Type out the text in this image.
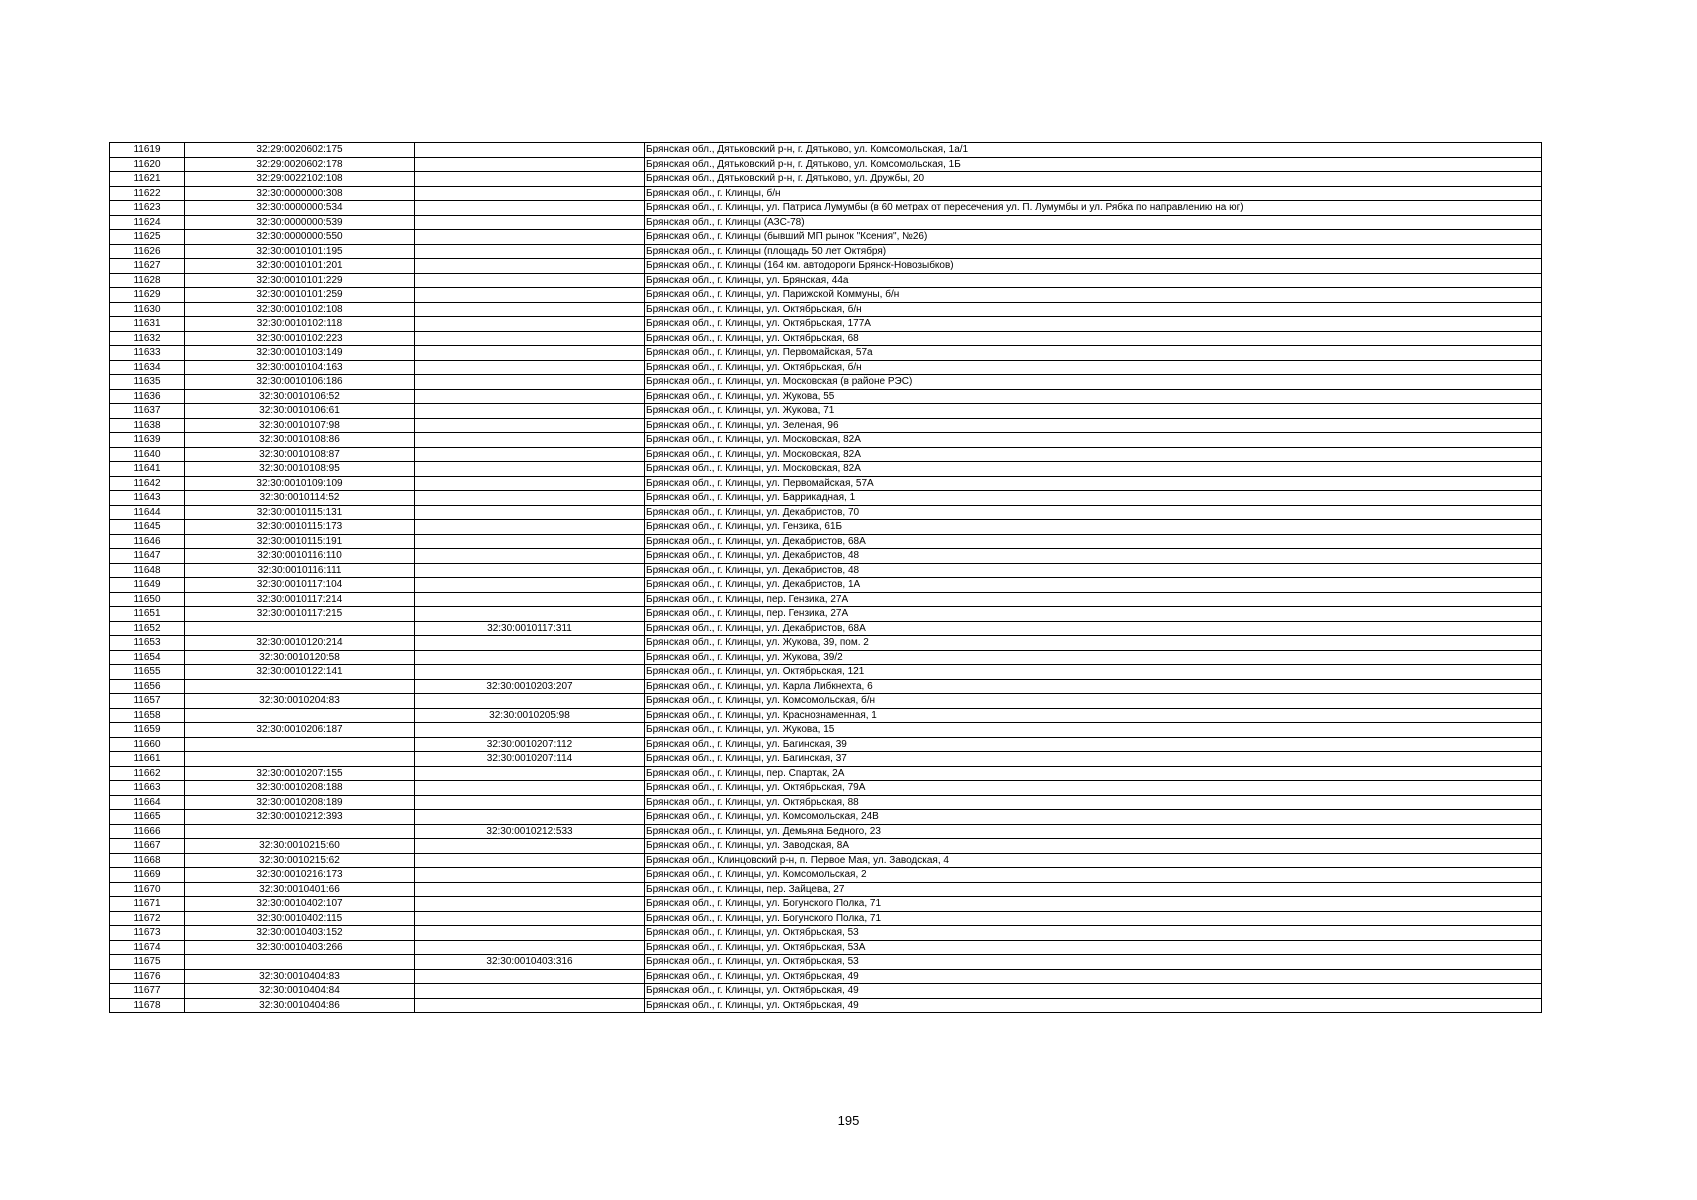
11619	32:29:0020602:175		Брянская обл., Дятьковский р-н, г. Дятьково, ул. Комсомольская, 1а/1
11620	32:29:0020602:178		Брянская обл., Дятьковский р-н, г. Дятьково, ул. Комсомольская, 1Б
11621	32:29:0022102:108		Брянская обл., Дятьковский р-н, г. Дятьково, ул. Дружбы, 20
11622	32:30:0000000:308		Брянская обл., г. Клинцы, б/н
11623	32:30:0000000:534		Брянская обл., г. Клинцы, ул. Патриса Лумумбы (в 60 метрах от пересечения ул. П. Лумумбы и ул. Рябка по направлению на юг)
11624	32:30:0000000:539		Брянская обл., г. Клинцы (АЗС-78)
11625	32:30:0000000:550		Брянская обл., г. Клинцы (бывший МП рынок "Ксения", №26)
11626	32:30:0010101:195		Брянская обл., г. Клинцы (площадь 50 лет Октября)
11627	32:30:0010101:201		Брянская обл., г. Клинцы (164 км. автодороги Брянск-Новозыбков)
11628	32:30:0010101:229		Брянская обл., г. Клинцы, ул. Брянская, 44а
11629	32:30:0010101:259		Брянская обл., г. Клинцы, ул. Парижской Коммуны, б/н
11630	32:30:0010102:108		Брянская обл., г. Клинцы, ул. Октябрьская, б/н
11631	32:30:0010102:118		Брянская обл., г. Клинцы, ул. Октябрьская, 177А
11632	32:30:0010102:223		Брянская обл., г. Клинцы, ул. Октябрьская, 68
11633	32:30:0010103:149		Брянская обл., г. Клинцы, ул. Первомайская, 57а
11634	32:30:0010104:163		Брянская обл., г. Клинцы, ул. Октябрьская, б/н
11635	32:30:0010106:186		Брянская обл., г. Клинцы, ул. Московская (в районе РЭС)
11636	32:30:0010106:52		Брянская обл., г. Клинцы, ул. Жукова, 55
11637	32:30:0010106:61		Брянская обл., г. Клинцы, ул. Жукова, 71
11638	32:30:0010107:98		Брянская обл., г. Клинцы, ул. Зеленая, 96
11639	32:30:0010108:86		Брянская обл., г. Клинцы, ул. Московская, 82А
11640	32:30:0010108:87		Брянская обл., г. Клинцы, ул. Московская, 82А
11641	32:30:0010108:95		Брянская обл., г. Клинцы, ул. Московская, 82А
11642	32:30:0010109:109		Брянская обл., г. Клинцы, ул. Первомайская, 57А
11643	32:30:0010114:52		Брянская обл., г. Клинцы, ул. Баррикадная, 1
11644	32:30:0010115:131		Брянская обл., г. Клинцы, ул. Декабристов, 70
11645	32:30:0010115:173		Брянская обл., г. Клинцы, ул. Гензика, 61Б
11646	32:30:0010115:191		Брянская обл., г. Клинцы, ул. Декабристов, 68А
11647	32:30:0010116:110		Брянская обл., г. Клинцы, ул. Декабристов, 48
11648	32:30:0010116:111		Брянская обл., г. Клинцы, ул. Декабристов, 48
11649	32:30:0010117:104		Брянская обл., г. Клинцы, ул. Декабристов, 1А
11650	32:30:0010117:214		Брянская обл., г. Клинцы, пер. Гензика, 27А
11651	32:30:0010117:215		Брянская обл., г. Клинцы, пер. Гензика, 27А
11652		32:30:0010117:311	Брянская обл., г. Клинцы, ул. Декабристов, 68А
11653	32:30:0010120:214		Брянская обл., г. Клинцы, ул. Жукова, 39, пом. 2
11654	32:30:0010120:58		Брянская обл., г. Клинцы, ул. Жукова, 39/2
11655	32:30:0010122:141		Брянская обл., г. Клинцы, ул. Октябрьская, 121
11656		32:30:0010203:207	Брянская обл., г. Клинцы, ул. Карла Либкнехта, 6
11657	32:30:0010204:83		Брянская обл., г. Клинцы, ул. Комсомольская, б/н
11658		32:30:0010205:98	Брянская обл., г. Клинцы, ул. Краснознаменная, 1
11659	32:30:0010206:187		Брянская обл., г. Клинцы, ул. Жукова, 15
11660		32:30:0010207:112	Брянская обл., г. Клинцы, ул. Багинская, 39
11661		32:30:0010207:114	Брянская обл., г. Клинцы, ул. Багинская, 37
11662	32:30:0010207:155		Брянская обл., г. Клинцы, пер. Спартак, 2А
11663	32:30:0010208:188		Брянская обл., г. Клинцы, ул. Октябрьская, 79А
11664	32:30:0010208:189		Брянская обл., г. Клинцы, ул. Октябрьская, 88
11665	32:30:0010212:393		Брянская обл., г. Клинцы, ул. Комсомольская, 24В
11666		32:30:0010212:533	Брянская обл., г. Клинцы, ул. Демьяна Бедного, 23
11667	32:30:0010215:60		Брянская обл., г. Клинцы, ул. Заводская, 8А
11668	32:30:0010215:62		Брянская обл., Клинцовский р-н, п. Первое Мая, ул. Заводская, 4
11669	32:30:0010216:173		Брянская обл., г. Клинцы, ул. Комсомольская, 2
11670	32:30:0010401:66		Брянская обл., г. Клинцы, пер. Зайцева, 27
11671	32:30:0010402:107		Брянская обл., г. Клинцы, ул. Богунского Полка, 71
11672	32:30:0010402:115		Брянская обл., г. Клинцы, ул. Богунского Полка, 71
11673	32:30:0010403:152		Брянская обл., г. Клинцы, ул. Октябрьская, 53
11674	32:30:0010403:266		Брянская обл., г. Клинцы, ул. Октябрьская, 53А
11675		32:30:0010403:316	Брянская обл., г. Клинцы, ул. Октябрьская, 53
11676	32:30:0010404:83		Брянская обл., г. Клинцы, ул. Октябрьская, 49
11677	32:30:0010404:84		Брянская обл., г. Клинцы, ул. Октябрьская, 49
11678	32:30:0010404:86		Брянская обл., г. Клинцы, ул. Октябрьская, 49
195
